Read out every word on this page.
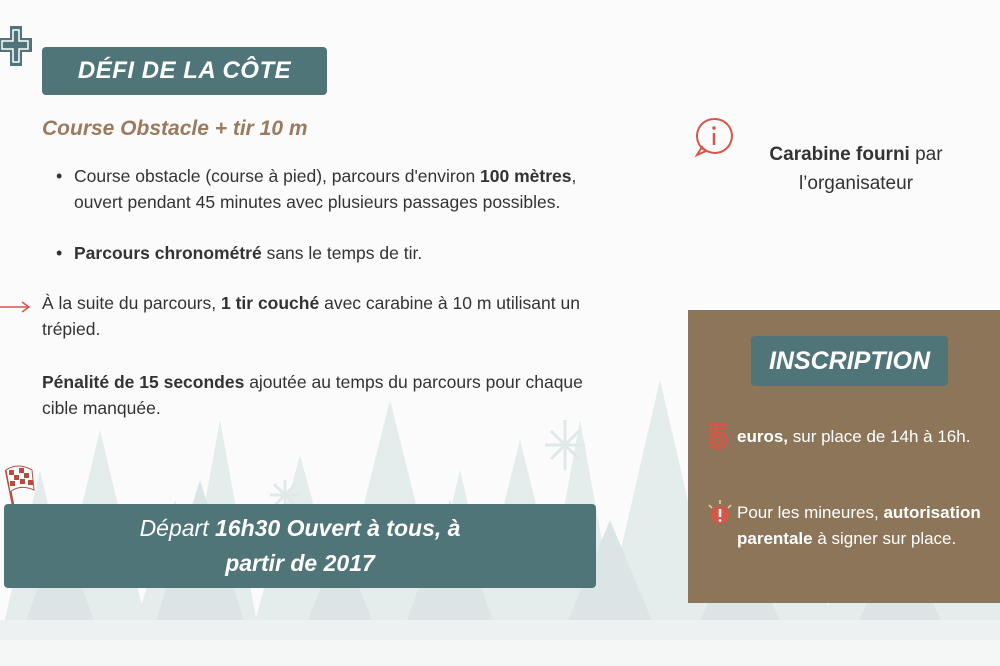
DÉFI DE LA CÔTE
Course Obstacle + tir 10 m
• Course obstacle (course à pied), parcours d'environ 100 mètres, ouvert pendant 45 minutes avec plusieurs passages possibles.
• Parcours chronométré sans le temps de tir.
À la suite du parcours, 1 tir couché avec carabine à 10 m utilisant un trépied.
Pénalité de 15 secondes ajoutée au temps du parcours pour chaque cible manquée.
Départ 16h30 Ouvert à tous, à
partir de 2017
Carabine fourni par l’organisateur
INSCRIPTION
5 euros, sur place de 14h à 16h.
Pour les mineures, autorisation parentale à signer sur place.
